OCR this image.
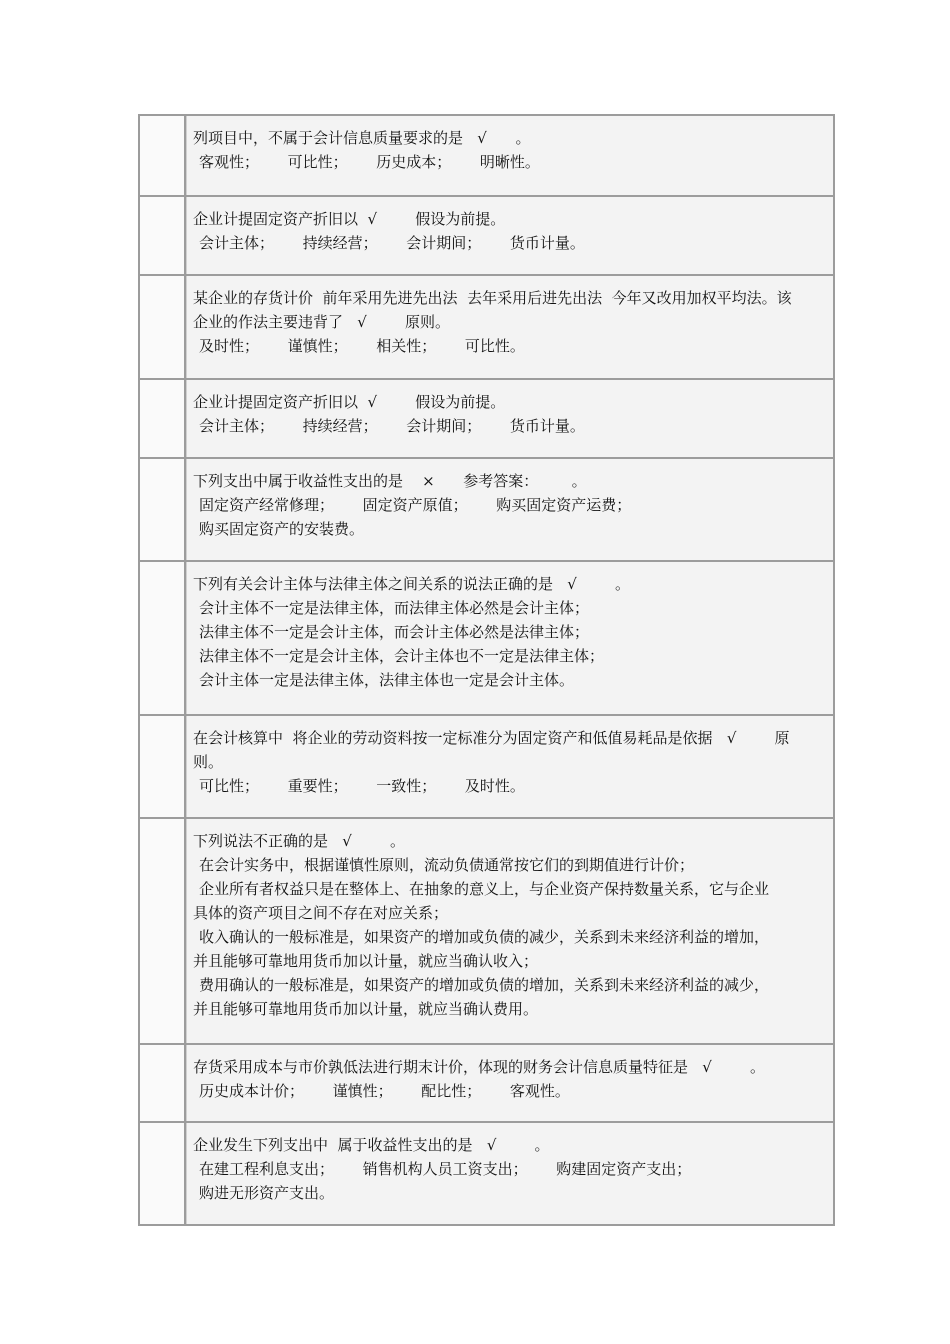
列项目中，不属于会计信息质量要求的是   √      。
客观性；      可比性；      历史成本；      明晰性。
企业计提固定资产折旧以  √        假设为前提。
会计主体；      持续经营；      会计期间；      货币计量。
某企业的存货计价  前年采用先进先出法  去年采用后进先出法  今年又改用加权平均法。该
企业的作法主要违背了   √        原则。
及时性；      谨慎性；      相关性；      可比性。
企业计提固定资产折旧以  √        假设为前提。
会计主体；      持续经营；      会计期间；      货币计量。
下列支出中属于收益性支出的是    ×      参考答案：       。
固定资产经常修理；      固定资产原值；      购买固定资产运费；
购买固定资产的安装费。
下列有关会计主体与法律主体之间关系的说法正确的是   √        。
会计主体不一定是法律主体，而法律主体必然是会计主体；
法律主体不一定是会计主体，而会计主体必然是法律主体；
法律主体不一定是会计主体，会计主体也不一定是法律主体；
会计主体一定是法律主体，法律主体也一定是会计主体。
在会计核算中  将企业的劳动资料按一定标准分为固定资产和低值易耗品是依据   √        原
则。
可比性；      重要性；      一致性；      及时性。
下列说法不正确的是   √        。
在会计实务中，根据谨慎性原则，流动负债通常按它们的到期值进行计价；
企业所有者权益只是在整体上、在抽象的意义上，与企业资产保持数量关系，它与企业
具体的资产项目之间不存在对应关系；
收入确认的一般标准是，如果资产的增加或负债的减少，关系到未来经济利益的增加，
并且能够可靠地用货币加以计量，就应当确认收入；
费用确认的一般标准是，如果资产的增加或负债的增加，关系到未来经济利益的减少，
并且能够可靠地用货币加以计量，就应当确认费用。
存货采用成本与市价孰低法进行期末计价，体现的财务会计信息质量特征是   √        。
历史成本计价；      谨慎性；      配比性；      客观性。
企业发生下列支出中  属于收益性支出的是   √        。
在建工程利息支出；      销售机构人员工资支出；      购建固定资产支出；
购进无形资产支出。
